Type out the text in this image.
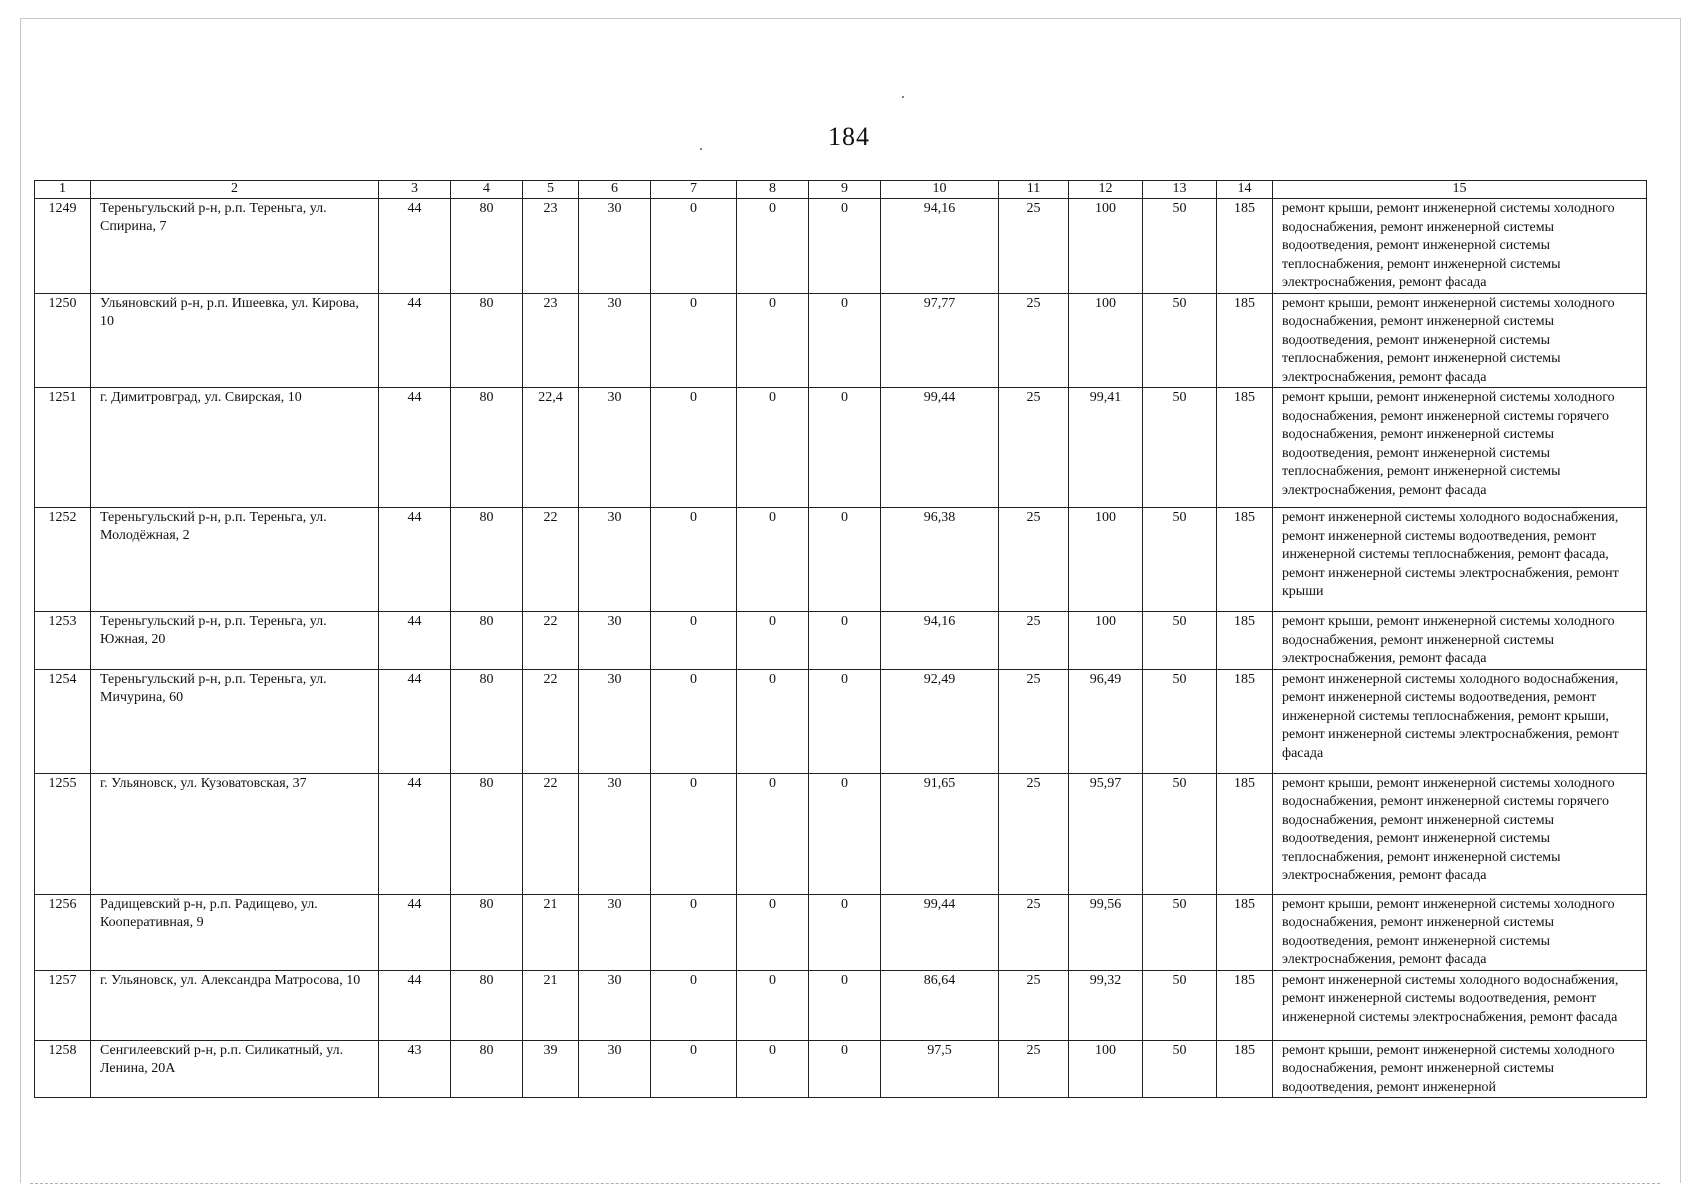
184
1	2	3	4	5	6	7	8	9	10	11	12	13	14	15
1249	Тереньгульский р-н, р.п. Тереньга, ул. Спирина, 7	44	80	23	30	0	0	0	94,16	25	100	50	185	ремонт крыши, ремонт инженерной системы холодного водоснабжения, ремонт инженерной системы водоотведения, ремонт инженерной системы теплоснабжения, ремонт инженерной системы электроснабжения, ремонт фасада
1250	Ульяновский р-н, р.п. Ишеевка, ул. Кирова, 10	44	80	23	30	0	0	0	97,77	25	100	50	185	ремонт крыши, ремонт инженерной системы холодного водоснабжения, ремонт инженерной системы водоотведения, ремонт инженерной системы теплоснабжения, ремонт инженерной системы электроснабжения, ремонт фасада
1251	г. Димитровград, ул. Свирская, 10	44	80	22,4	30	0	0	0	99,44	25	99,41	50	185	ремонт крыши, ремонт инженерной системы холодного водоснабжения, ремонт инженерной системы горячего водоснабжения, ремонт инженерной системы водоотведения, ремонт инженерной системы теплоснабжения, ремонт инженерной системы электроснабжения, ремонт фасада
1252	Тереньгульский р-н, р.п. Тереньга, ул. Молодёжная, 2	44	80	22	30	0	0	0	96,38	25	100	50	185	ремонт инженерной системы холодного водоснабжения, ремонт инженерной системы водоотведения, ремонт инженерной системы теплоснабжения, ремонт фасада, ремонт инженерной системы электроснабжения, ремонт крыши
1253	Тереньгульский р-н, р.п. Тереньга, ул. Южная, 20	44	80	22	30	0	0	0	94,16	25	100	50	185	ремонт крыши, ремонт инженерной системы холодного водоснабжения, ремонт инженерной системы электроснабжения, ремонт фасада
1254	Тереньгульский р-н, р.п. Тереньга, ул. Мичурина, 60	44	80	22	30	0	0	0	92,49	25	96,49	50	185	ремонт инженерной системы холодного водоснабжения, ремонт инженерной системы водоотведения, ремонт инженерной системы теплоснабжения, ремонт крыши, ремонт инженерной системы электроснабжения, ремонт фасада
1255	г. Ульяновск, ул. Кузоватовская, 37	44	80	22	30	0	0	0	91,65	25	95,97	50	185	ремонт крыши, ремонт инженерной системы холодного водоснабжения, ремонт инженерной системы горячего водоснабжения, ремонт инженерной системы водоотведения, ремонт инженерной системы теплоснабжения, ремонт инженерной системы электроснабжения, ремонт фасада
1256	Радищевский р-н, р.п. Радищево, ул. Кооперативная, 9	44	80	21	30	0	0	0	99,44	25	99,56	50	185	ремонт крыши, ремонт инженерной системы холодного водоснабжения, ремонт инженерной системы водоотведения, ремонт инженерной системы электроснабжения, ремонт фасада
1257	г. Ульяновск, ул. Александра Матросова, 10	44	80	21	30	0	0	0	86,64	25	99,32	50	185	ремонт инженерной системы холодного водоснабжения, ремонт инженерной системы водоотведения, ремонт инженерной системы электроснабжения, ремонт фасада
1258	Сенгилеевский р-н, р.п. Силикатный, ул. Ленина, 20А	43	80	39	30	0	0	0	97,5	25	100	50	185	ремонт крыши, ремонт инженерной системы холодного водоснабжения, ремонт инженерной системы водоотведения, ремонт инженерной
